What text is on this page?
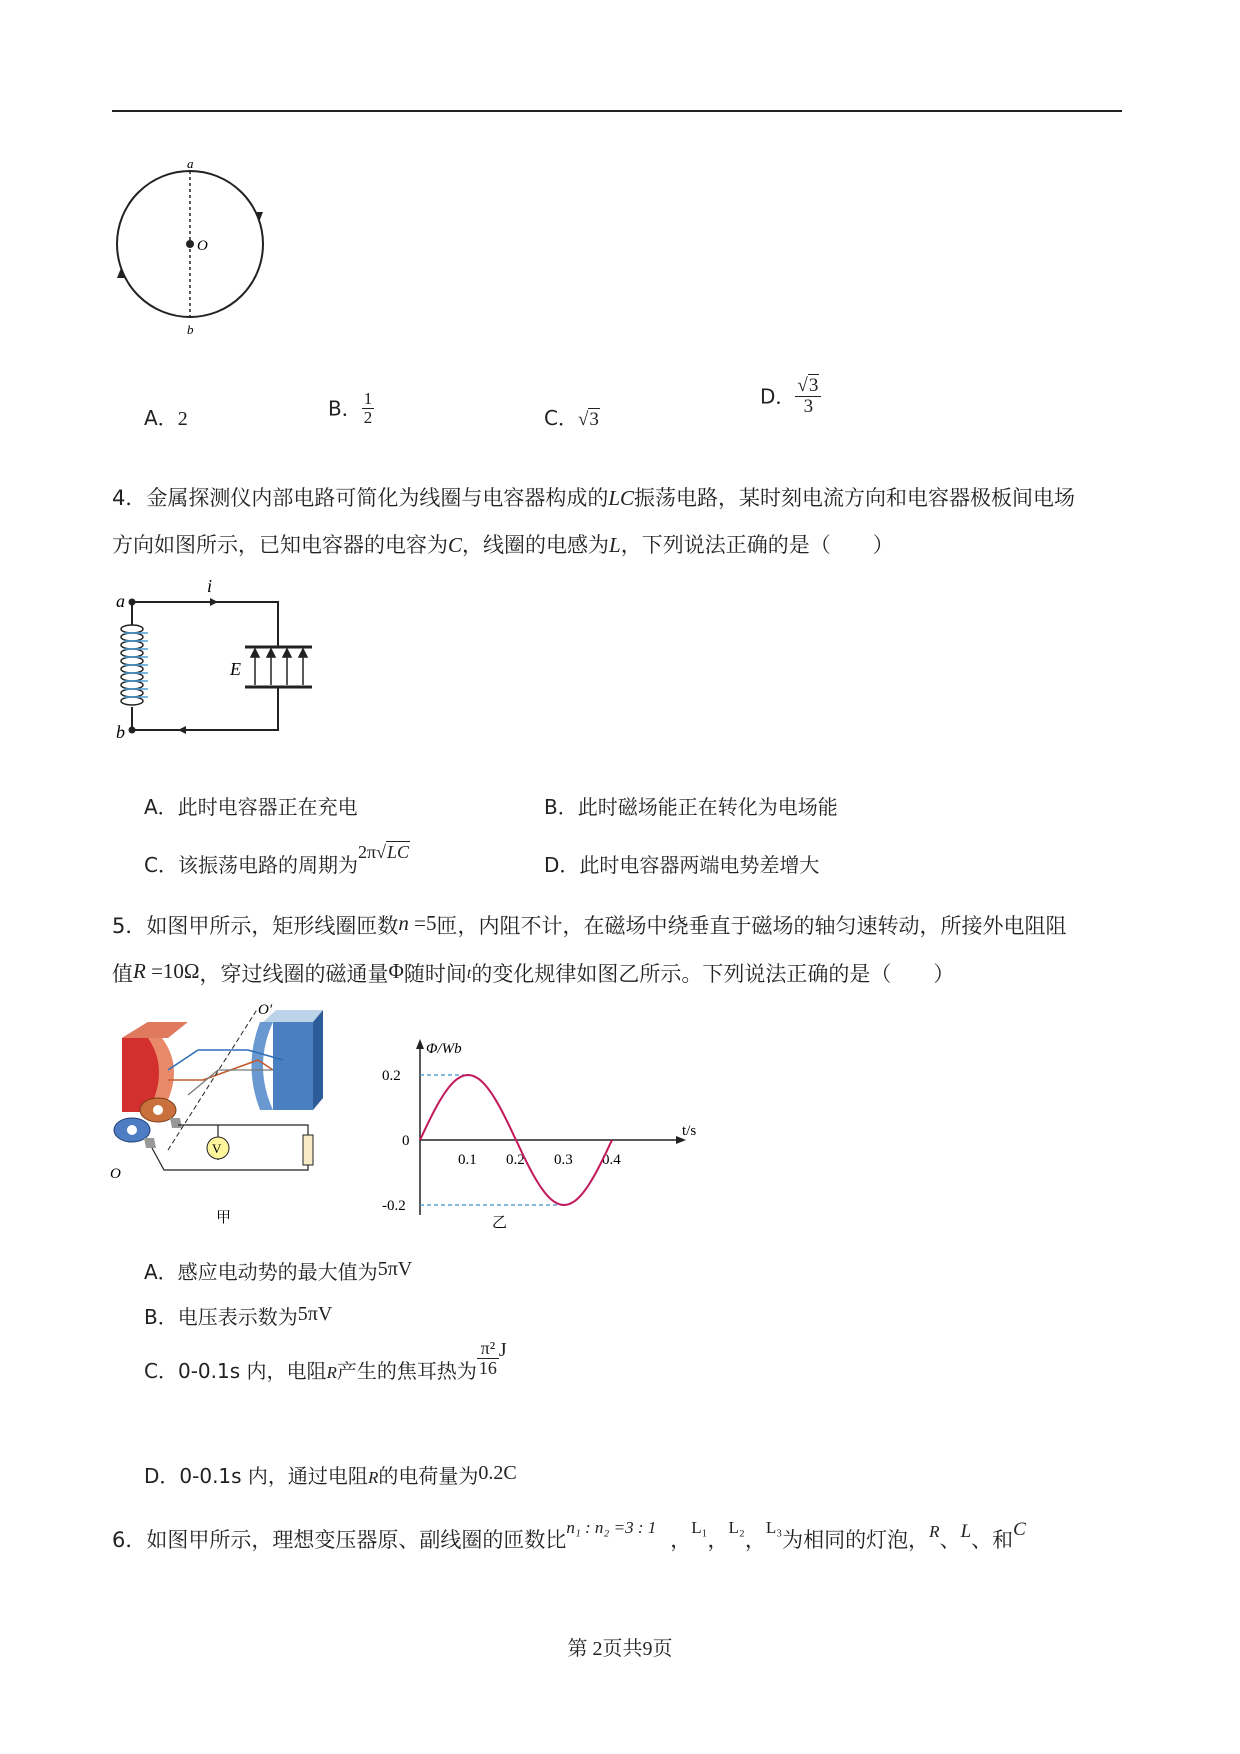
a
O
b
A．2	B． $\frac{1}{2}$	C．√3
D． $\frac{√3}{3}$
4．金属探测仪内部电路可简化为线圈与电容器构成的LC振荡电路，某时刻电流方向和电容器极板间电场
方向如图所示，已知电容器的电容为C，线圈的电感为L，下列说法正确的是（　　）
a
b
i
E
A．此时电容器正在充电	B．此时磁场能正在转化为电场能
C．该振荡电路的周期为2π√LC
D．此时电容器两端电势差增大
5．如图甲所示，矩形线圈匝数n =5匝，内阻不计，在磁场中绕垂直于磁场的轴匀速转动，所接外电阻阻
值R =10Ω，穿过线圈的磁通量Φ随时间t的变化规律如图乙所示。下列说法正确的是（　　）
V
O′
O
甲
0.1 0.2 0.3 0.4
0.2
0
-0.2
Φ/Wb
t/s
乙
A．感应电动势的最大值为5πV
B．电压表示数为5πV
C．0-0.1s 内，电阻R产生的焦耳热为 $\frac{\text{π²}}{16}$ J
D．0-0.1s 内，通过电阻R的电荷量为0.2C
6．如图甲所示，理想变压器原、副线圈的匝数比$^{n_1 : n_2 =3 : 1}$，$^{L_1}$，$^{L_2}$，$^{L_3}$为相同的灯泡，$^R$、L、和C
第 2页共9页
